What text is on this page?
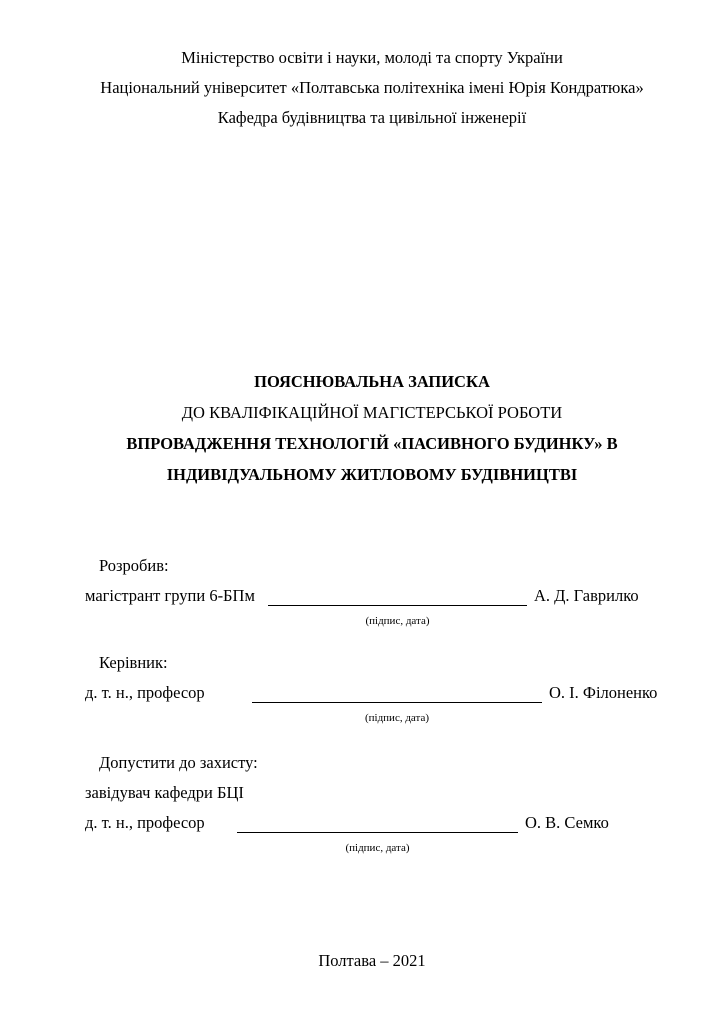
Міністерство освіти і науки, молоді та спорту України

Національний університет «Полтавська політехніка імені Юрія Кондратюка»

Кафедра будівництва та цивільної інженерії

ПОЯСНЮВАЛЬНА ЗАПИСКА

ДО КВАЛІФІКАЦІЙНОЇ МАГІСТЕРСЬКОЇ РОБОТИ

ВПРОВАДЖЕННЯ ТЕХНОЛОГІЙ «ПАСИВНОГО БУДИНКУ» В

ІНДИВІДУАЛЬНОМУ ЖИТЛОВОМУ БУДІВНИЦТВІ

Розробив:

магістрант групи 6-БПм	А. Д. Гаврилко
(підпис, дата)

Керівник:

д. т. н., професор	О. І. Філоненко
(підпис, дата)

Допустити до захисту:

завідувач кафедри БЦІ

д. т. н., професор	О. В. Семко
(підпис, дата)

Полтава – 2021
